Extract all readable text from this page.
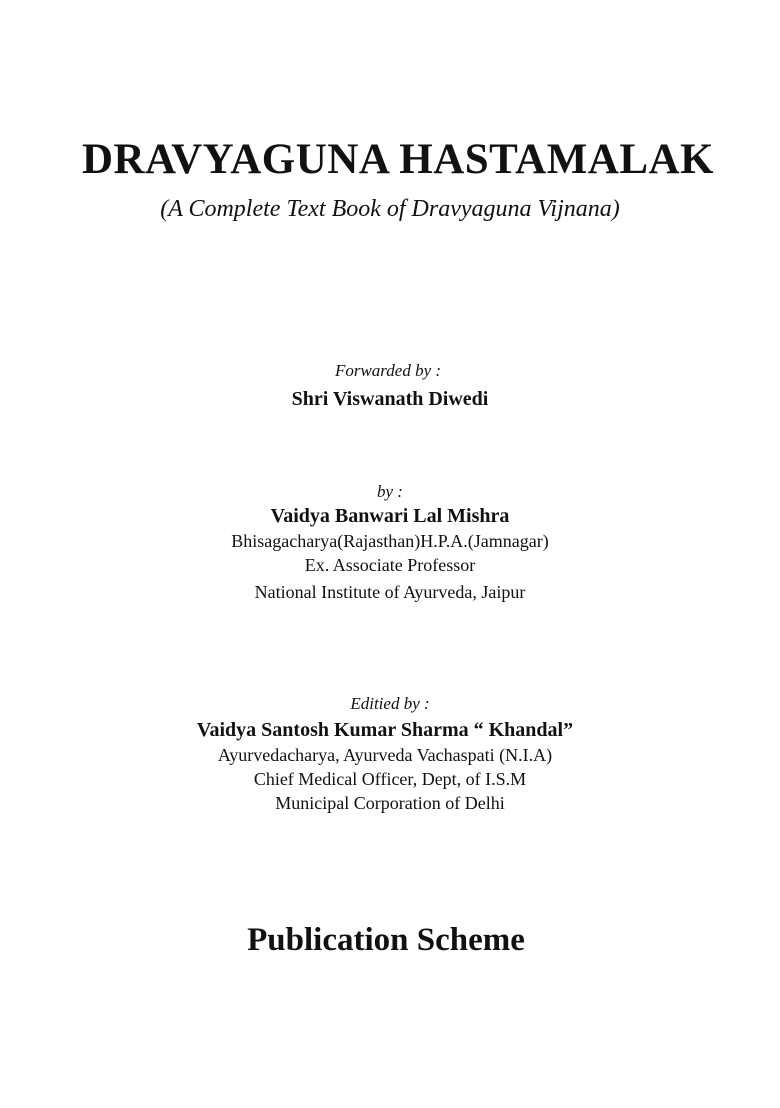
DRAVYAGUNA HASTAMALAK
(A Complete Text Book of Dravyaguna Vijnana)
Forwarded by :
Shri Viswanath Diwedi
by :
Vaidya Banwari Lal Mishra
Bhisagacharya(Rajasthan)H.P.A.(Jamnagar)
Ex. Associate Professor
National Institute of Ayurveda, Jaipur
Editied by :
Vaidya Santosh Kumar Sharma “ Khandal”
Ayurvedacharya, Ayurveda Vachaspati (N.I.A)
Chief Medical Officer, Dept, of I.S.M
Municipal Corporation of Delhi
Publication Scheme
